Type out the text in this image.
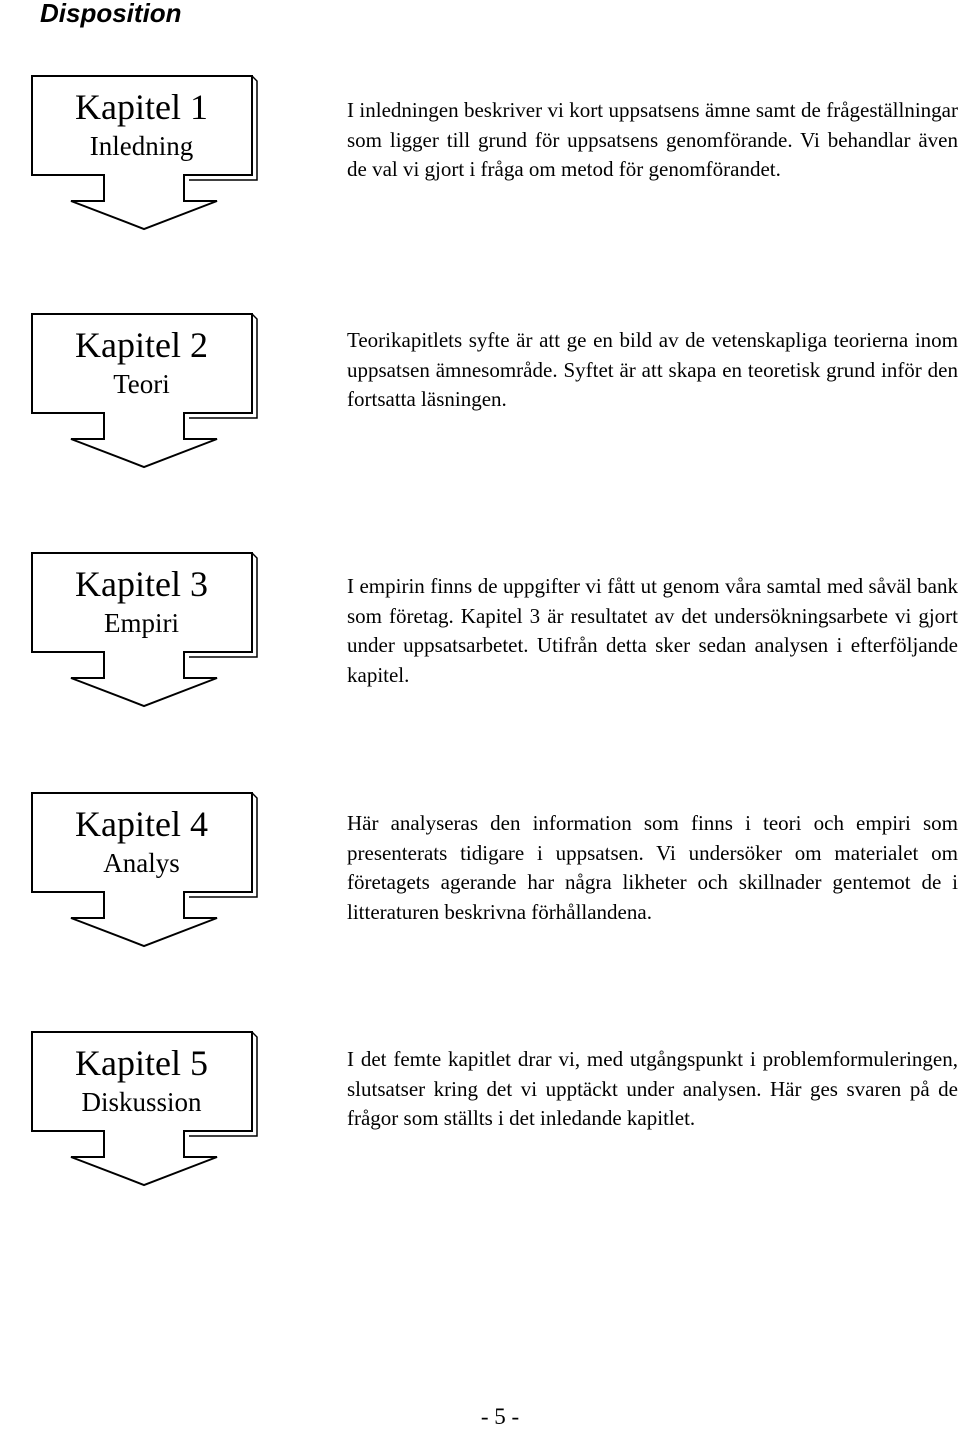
Disposition
Kapitel 1
Inledning

I inledningen beskriver vi kort uppsatsens ämne samt de frågeställningar som ligger till grund för uppsatsens genomförande. Vi behandlar även de val vi gjort i fråga om metod för genomförandet.

Kapitel 2
Teori

Teorikapitlets syfte är att ge en bild av de vetenskapliga teorierna inom uppsatsen ämnesområde. Syftet är att skapa en teoretisk grund inför den fortsatta läsningen.

Kapitel 3
Empiri

I empirin finns de uppgifter vi fått ut genom våra samtal med såväl bank som företag. Kapitel 3 är resultatet av det undersökningsarbete vi gjort under uppsatsarbetet. Utifrån detta sker sedan analysen i efterföljande kapitel.

Kapitel 4
Analys

Här analyseras den information som finns i teori och empiri som presenterats tidigare i uppsatsen. Vi undersöker om materialet om företagets agerande har några likheter och skillnader gentemot de i litteraturen beskrivna förhållandena.

Kapitel 5
Diskussion

I det femte kapitlet drar vi, med utgångspunkt i problemformuleringen, slutsatser kring det vi upptäckt under analysen. Här ges svaren på de frågor som ställts i det inledande kapitlet.

- 5 -
